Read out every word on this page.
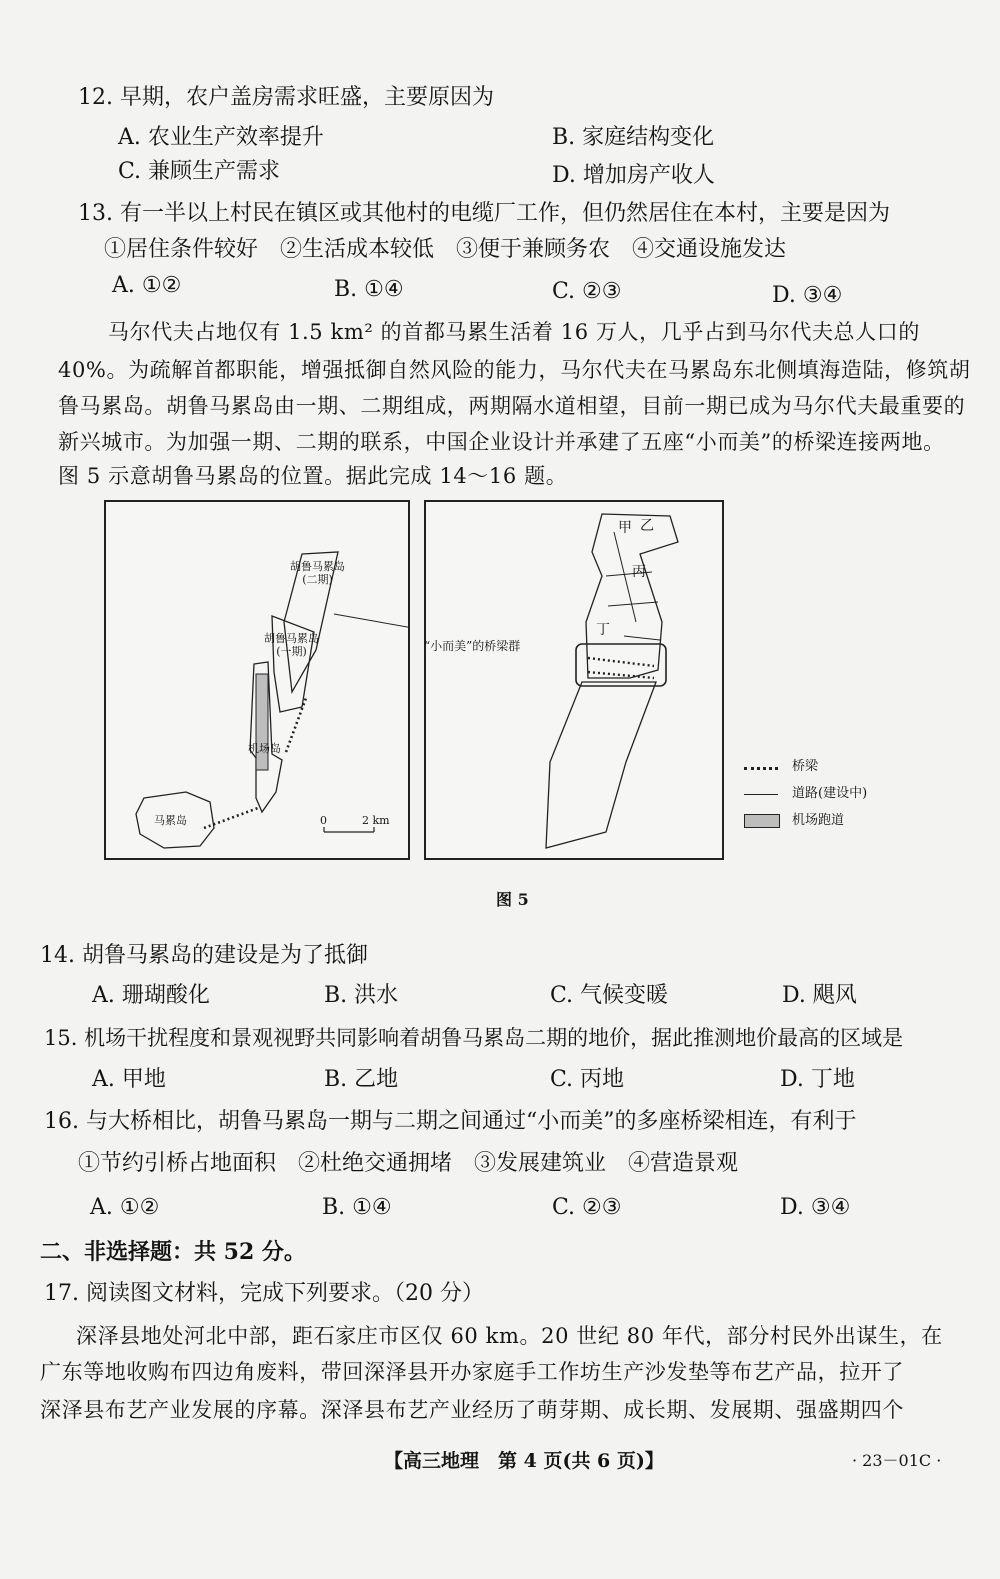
12. 早期，农户盖房需求旺盛，主要原因为
A. 农业生产效率提升	B. 家庭结构变化
C. 兼顾生产需求	D. 增加房产收人
13. 有一半以上村民在镇区或其他村的电缆厂工作，但仍然居住在本村，主要是因为
①居住条件较好　②生活成本较低　③便于兼顾务农　④交通设施发达
A. ①②	B. ①④	C. ②③	D. ③④
马尔代夫占地仅有 1.5 km² 的首都马累生活着 16 万人，几乎占到马尔代夫总人口的
40%。为疏解首都职能，增强抵御自然风险的能力，马尔代夫在马累岛东北侧填海造陆，修筑胡
鲁马累岛。胡鲁马累岛由一期、二期组成，两期隔水道相望，目前一期已成为马尔代夫最重要的
新兴城市。为加强一期、二期的联系，中国企业设计并承建了五座“小而美”的桥梁连接两地。
图 5 示意胡鲁马累岛的位置。据此完成 14～16 题。
胡鲁马累岛
(二期)
胡鲁马累岛
(一期)
机场岛
马累岛	0	2 km
甲 乙
丙
丁
“小而美”的桥梁群
桥梁
道路(建设中)
机场跑道
图 5
14. 胡鲁马累岛的建设是为了抵御
A. 珊瑚酸化	B. 洪水	C. 气候变暖	D. 飓风
15. 机场干扰程度和景观视野共同影响着胡鲁马累岛二期的地价，据此推测地价最高的区域是
A. 甲地	B. 乙地	C. 丙地	D. 丁地
16. 与大桥相比，胡鲁马累岛一期与二期之间通过“小而美”的多座桥梁相连，有利于
①节约引桥占地面积　②杜绝交通拥堵　③发展建筑业　④营造景观
A. ①②	B. ①④	C. ②③	D. ③④
二、非选择题：共 52 分。
17. 阅读图文材料，完成下列要求。（20 分）
深泽县地处河北中部，距石家庄市区仅 60 km。20 世纪 80 年代，部分村民外出谋生，在
广东等地收购布四边角废料，带回深泽县开办家庭手工作坊生产沙发垫等布艺产品，拉开了
深泽县布艺产业发展的序幕。深泽县布艺产业经历了萌芽期、成长期、发展期、强盛期四个
【高三地理　第 4 页(共 6 页)】	· 23－01C ·
